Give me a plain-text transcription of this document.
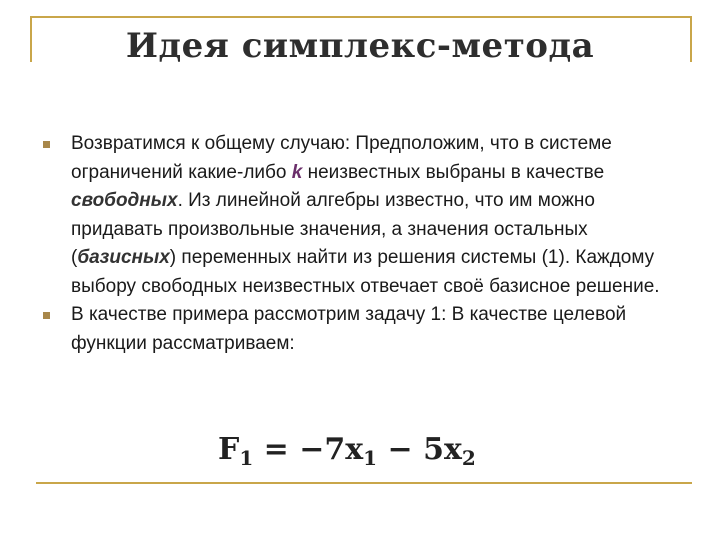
Идея симплекс-метода
Возвратимся к общему случаю: Предположим, что в системе ограничений какие-либо k неизвестных выбраны в качестве свободных. Из линейной алгебры известно, что им можно придавать произвольные значения, а значения остальных (базисных) переменных найти из решения системы (1). Каждому выбору свободных неизвестных отвечает своё базисное решение.
В качестве примера рассмотрим задачу 1: В качестве целевой функции рассматриваем:
$F_1 = -7x_1 - 5x_2$
